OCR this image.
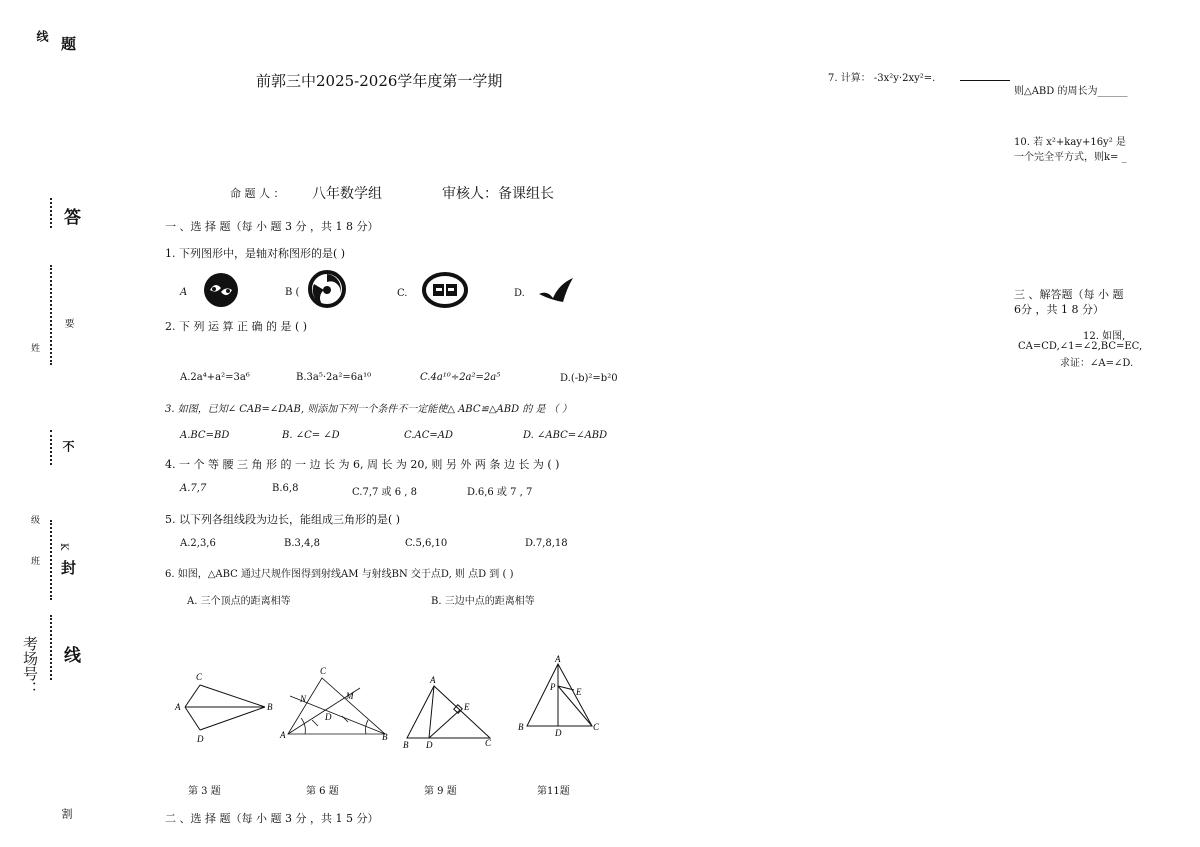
线 题
答
要
姓
不
级
班
K
封
考场号： 线
割
前郭三中2025-2026学年度第一学期
命 题 人 ： 八年数学组	审核人：备课组长
一 、选 择 题（每 小 题 3 分 ，共 1 8 分）
1. 下列图形中，是轴对称图形的是( )
A	B (	C.	D.
2. 下 列 运 算 正 确 的 是 ( )
A.2a⁴+a²=3a⁶	B.3a⁵·2a²=6a¹⁰	C.4a¹⁰÷2a²=2a⁵	D.(-b)²=b²0
3. 如图，已知∠ CAB=∠DAB, 则添加下列一个条件不一定能使△ ABC≌△ABD 的 是 （ ）
A.BC=BD	B. ∠C= ∠D	C.AC=AD	D. ∠ABC=∠ABD
4. 一 个 等 腰 三 角 形 的 一 边 长 为 6, 周 长 为 20, 则 另 外 两 条 边 长 为 ( )
A.7,7	B.6,8	C.7,7 或 6 , 8	D.6,6 或 7 , 7
5. 以下列各组线段为边长，能组成三角形的是( )
A.2,3,6	B.3,4,8	C.5,6,10	D.7,8,18
6. 如图，△ABC 通过尺规作图得到射线AM 与射线BN 交于点D, 则 点D 到 ( )
A. 三个顶点的距离相等	B. 三边中点的距离相等
C
A	B
D
C
N	M
D
A	B
A
E
B D	C
A
P E
B
D
C
第 3 题	第 6 题	第 9 题	第11题
二 、选 择 题（每 小 题 3 分 ，共 1 5 分）
7. 计算： -3x²y·2xy²=.
则△ABD 的周长为______
10. 若 x²+kay+16y² 是
一个完全平方式，则k= _
三 、解答题（每 小 题
6分 ，共 1 8 分）
12. 如图,
CA=CD,∠1=∠2,BC=EC,
求证：∠A=∠D.
